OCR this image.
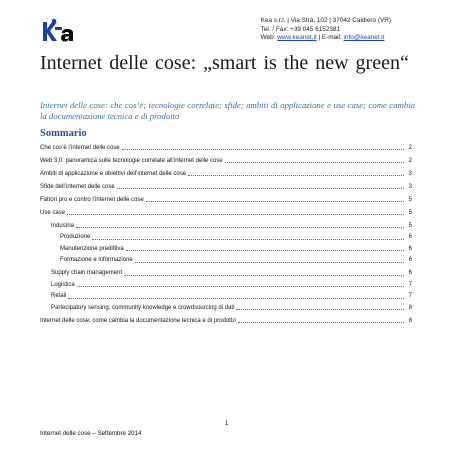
Kea s.r.l. | Via Strà, 102 | 37042 Caldiero (VR)
Tel. / Fax: +39 045 6152381
Web: www.keanet.it | E-mail: info@keanet.it
Internet delle cose: „smart is the new green“
Internet delle cose: che cos’è; tecnologie correlate; sfide; ambiti di applicazione e use case; come cambia la documentazione tecnica e di prodotto
Sommario
Che cos’è l’internet delle cose	2
Web 3.0: panoramica sulle tecnologie correlate all’internet delle cose	2
Ambiti di applicazione e obiettivi dell’internet delle cose	3
Sfide dell’internet delle cose	3
Fattori pro e contro l’internet delle cose	5
Use case	5
Industria	5
Produzione	6
Manutenzione predittiva	6
Formazione e informazione	6
Supply chain management	6
Logistica	7
Retail	7
Partecipatory sensing, community knowledge e crowdsourcing di dati	8
Internet delle cose: come cambia la documentazione tecnica e di prodotto	8
1
Internet delle cose – Settembre 2014
